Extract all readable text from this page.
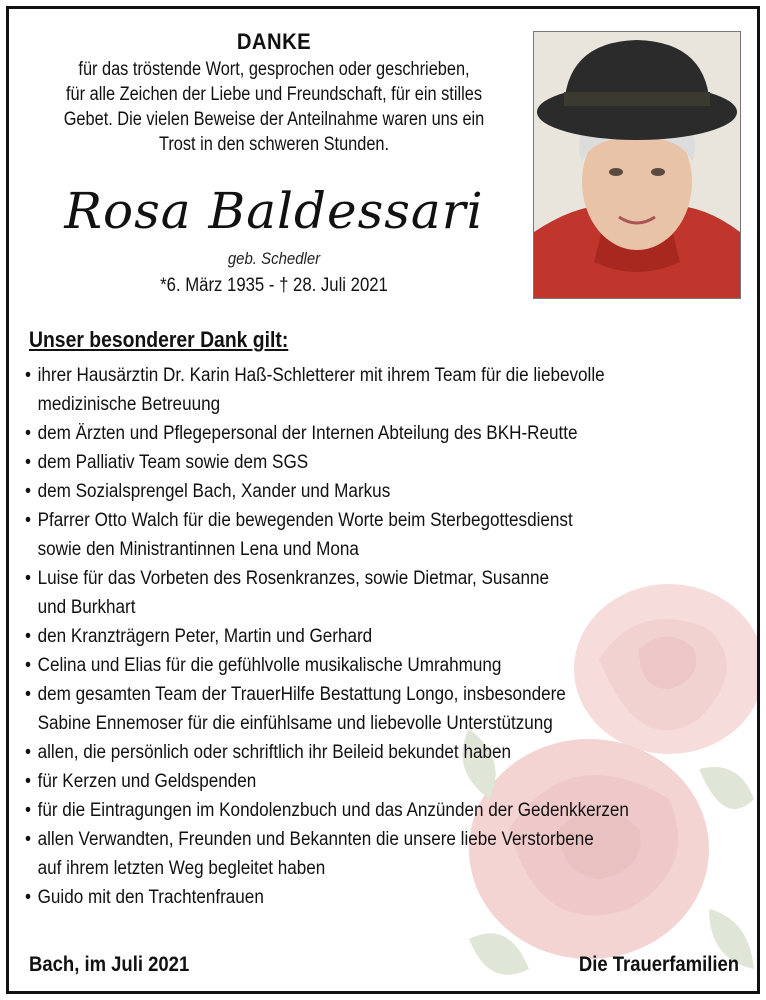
DANKE

für das tröstende Wort, gesprochen oder geschrieben,
für alle Zeichen der Liebe und Freundschaft, für ein stilles
Gebet. Die vielen Beweise der Anteilnahme waren uns ein
Trost in den schweren Stunden.

Rosa Baldessari
geb. Schedler
*6. März 1935 - † 28. Juli 2021
Unser besonderer Dank gilt:
• ihrer Hausärztin Dr. Karin Haß-Schletterer mit ihrem Team für die liebevolle
medizinische Betreuung
• dem Ärzten und Pflegepersonal der Internen Abteilung des BKH-Reutte
• dem Palliativ Team sowie dem SGS
• dem Sozialsprengel Bach, Xander und Markus
• Pfarrer Otto Walch für die bewegenden Worte beim Sterbegottesdienst
sowie den Ministrantinnen Lena und Mona
• Luise für das Vorbeten des Rosenkranzes, sowie Dietmar, Susanne
und Burkhart
• den Kranzträgern Peter, Martin und Gerhard
• Celina und Elias für die gefühlvolle musikalische Umrahmung
• dem gesamten Team der TrauerHilfe Bestattung Longo, insbesondere
Sabine Ennemoser für die einfühlsame und liebevolle Unterstützung
• allen, die persönlich oder schriftlich ihr Beileid bekundet haben
• für Kerzen und Geldspenden
• für die Eintragungen im Kondolenzbuch und das Anzünden der Gedenkkerzen
• allen Verwandten, Freunden und Bekannten die unsere liebe Verstorbene
auf ihrem letzten Weg begleitet haben
• Guido mit den Trachtenfrauen
Bach, im Juli 2021	Die Trauerfamilien
